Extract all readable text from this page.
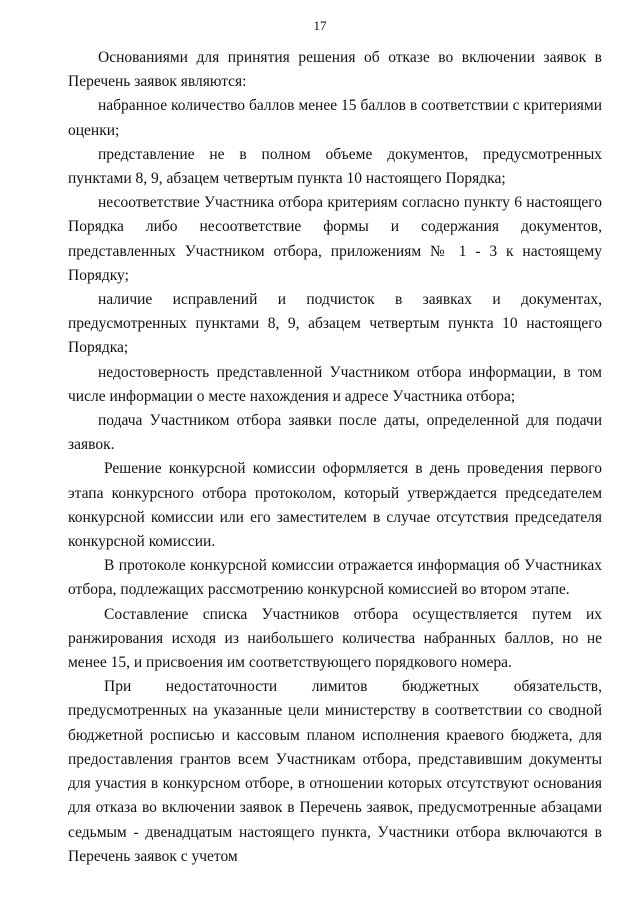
17

Основаниями для принятия решения об отказе во включении заявок в Перечень заявок являются:

набранное количество баллов менее 15 баллов в соответствии с критериями оценки;

представление не в полном объеме документов, предусмотренных пунктами 8, 9, абзацем четвертым пункта 10 настоящего Порядка;

несоответствие Участника отбора критериям согласно пункту 6 настоящего Порядка либо несоответствие формы и содержания документов, представленных Участником отбора, приложениям № 1 - 3 к настоящему Порядку;

наличие исправлений и подчисток в заявках и документах, предусмотренных пунктами 8, 9, абзацем четвертым пункта 10 настоящего Порядка;

недостоверность представленной Участником отбора информации, в том числе информации о месте нахождения и адресе Участника отбора;

подача Участником отбора заявки после даты, определенной для подачи заявок.

Решение конкурсной комиссии оформляется в день проведения первого этапа конкурсного отбора протоколом, который утверждается председателем конкурсной комиссии или его заместителем в случае отсутствия председателя конкурсной комиссии.

В протоколе конкурсной комиссии отражается информация об Участниках отбора, подлежащих рассмотрению конкурсной комиссией во втором этапе.

Составление списка Участников отбора осуществляется путем их ранжирования исходя из наибольшего количества набранных баллов, но не менее 15, и присвоения им соответствующего порядкового номера.

При недостаточности лимитов бюджетных обязательств, предусмотренных на указанные цели министерству в соответствии со сводной бюджетной росписью и кассовым планом исполнения краевого бюджета, для предоставления грантов всем Участникам отбора, представившим документы для участия в конкурсном отборе, в отношении которых отсутствуют основания для отказа во включении заявок в Перечень заявок, предусмотренные абзацами седьмым - двенадцатым настоящего пункта, Участники отбора включаются в Перечень заявок с учетом
